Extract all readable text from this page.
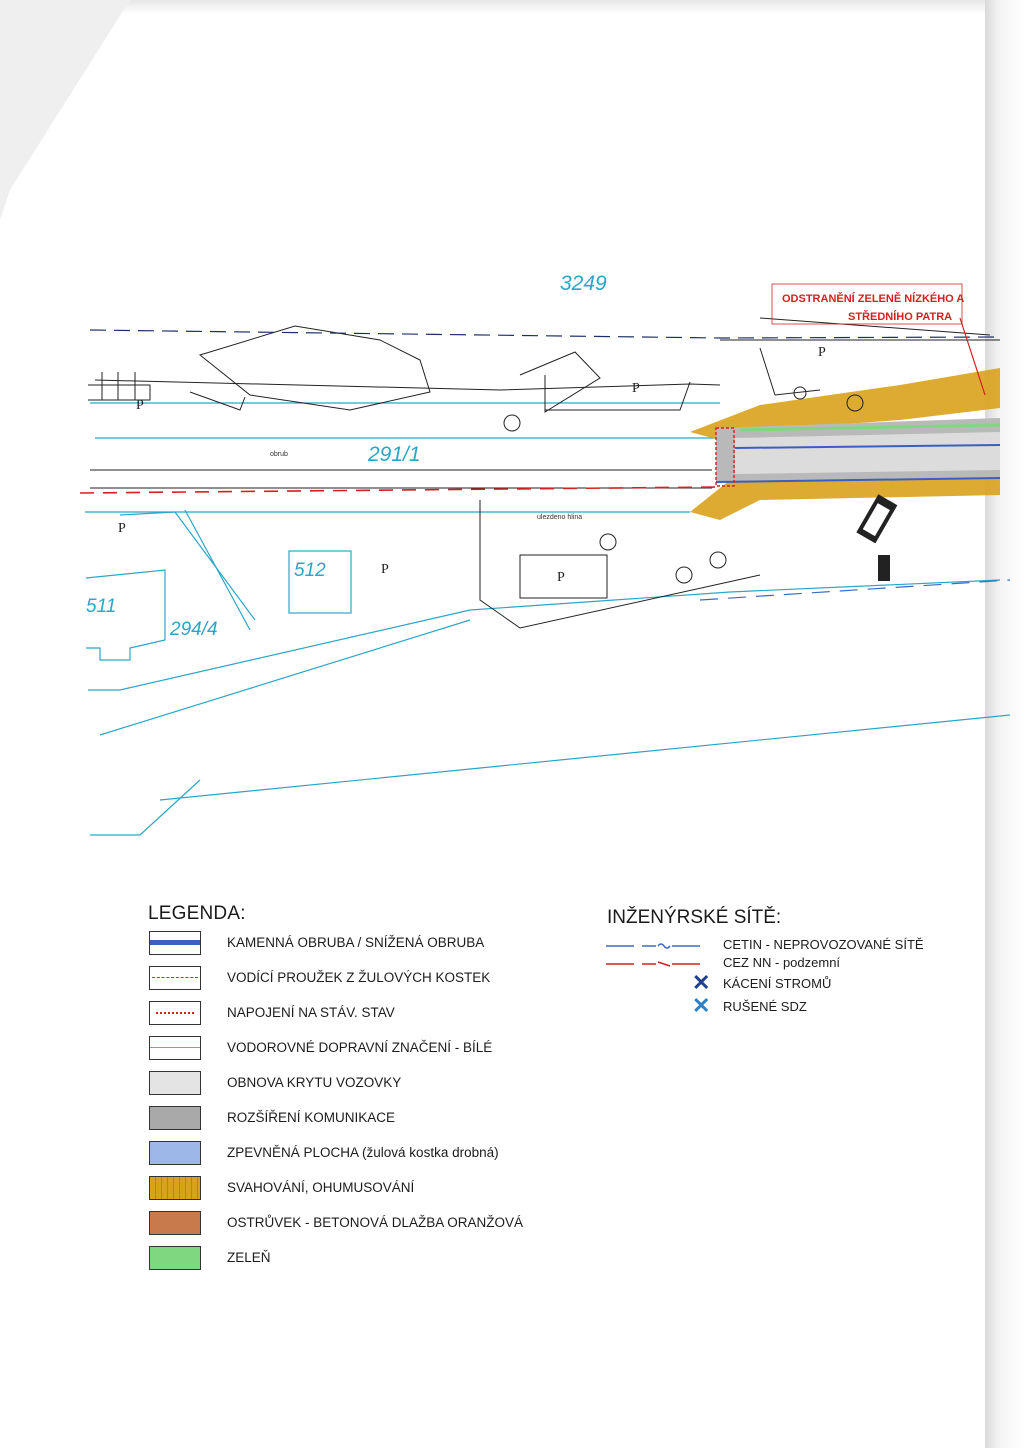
3249
291/1
512
511
294/4
ODSTRANĚNÍ ZELENĚ NÍZKÉHO A
STŘEDNÍHO PATRA
obrub
ulezdeno hlina
P
P
P
P
P
P
LEGENDA:
KAMENNÁ OBRUBA / SNÍŽENÁ OBRUBA
VODÍCÍ PROUŽEK Z ŽULOVÝCH KOSTEK
NAPOJENÍ NA STÁV. STAV
VODOROVNÉ DOPRAVNÍ ZNAČENÍ - BÍLÉ
OBNOVA KRYTU VOZOVKY
ROZŠÍŘENÍ KOMUNIKACE
ZPEVNĚNÁ PLOCHA (žulová kostka drobná)
SVAHOVÁNÍ, OHUMUSOVÁNÍ
OSTRŮVEK - BETONOVÁ DLAŽBA ORANŽOVÁ
ZELEŇ
INŽENÝRSKÉ SÍTĚ:
CETIN - NEPROVOZOVANÉ SÍTĚ
CEZ NN - podzemní
✕ KÁCENÍ STROMŮ
✕ RUŠENÉ SDZ
